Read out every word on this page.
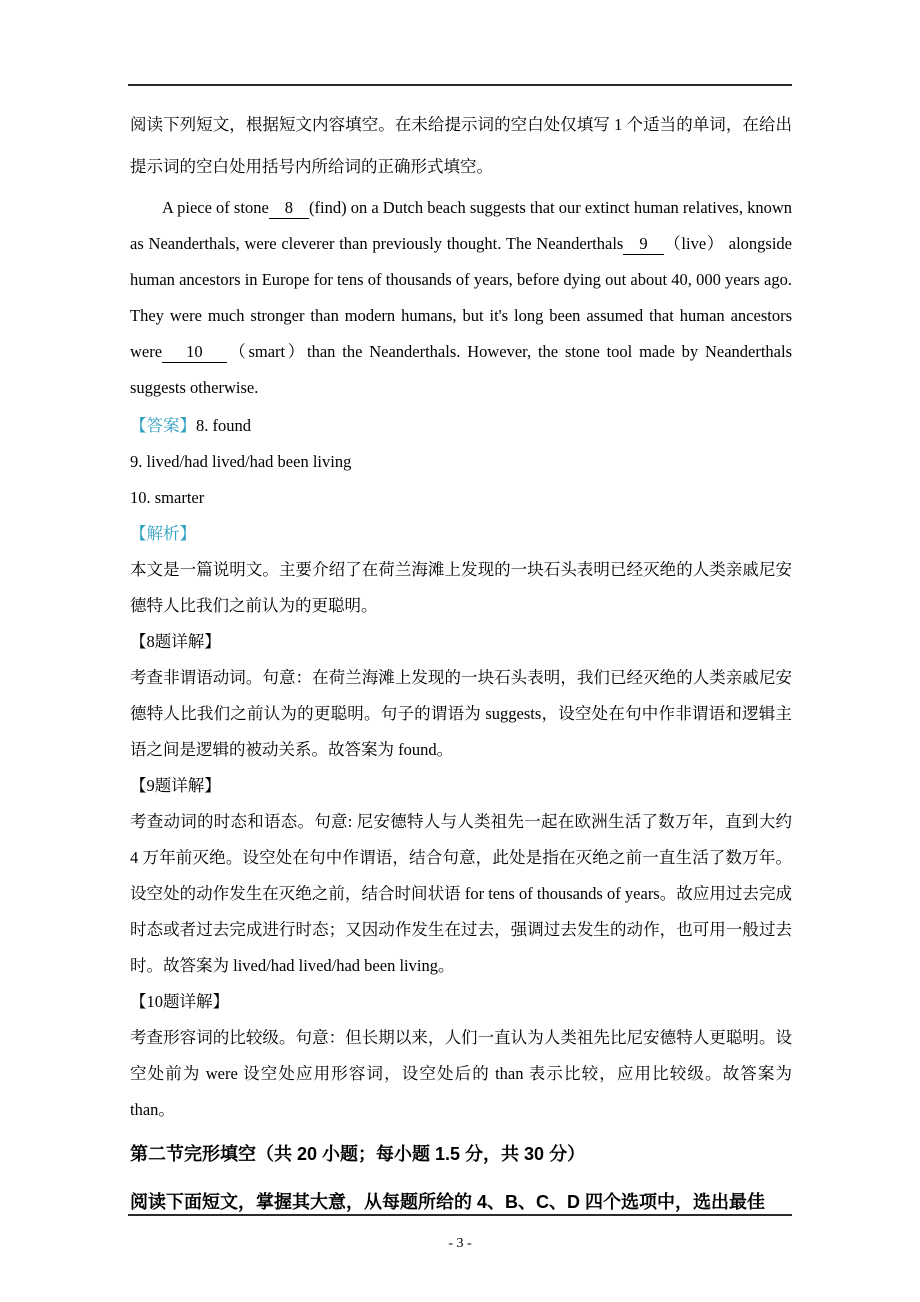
阅读下列短文，根据短文内容填空。在未给提示词的空白处仅填写 1 个适当的单词，在给出提示词的空白处用括号内所给词的正确形式填空。

A piece of stone 8 (find) on a Dutch beach suggests that our extinct human relatives, known as Neanderthals, were cleverer than previously thought. The Neanderthals 9 （live） alongside human ancestors in Europe for tens of thousands of years, before dying out about 40, 000 years ago. They were much stronger than modern humans, but it's long been assumed that human ancestors were 10 （smart）than the Neanderthals. However, the stone tool made by Neanderthals suggests otherwise.

【答案】8. found

9. lived/had lived/had been living

10. smarter

【解析】

本文是一篇说明文。主要介绍了在荷兰海滩上发现的一块石头表明已经灭绝的人类亲戚尼安德特人比我们之前认为的更聪明。

【8题详解】

考查非谓语动词。句意：在荷兰海滩上发现的一块石头表明，我们已经灭绝的人类亲戚尼安德特人比我们之前认为的更聪明。句子的谓语为 suggests，设空处在句中作非谓语和逻辑主语之间是逻辑的被动关系。故答案为 found。

【9题详解】

考查动词的时态和语态。句意: 尼安德特人与人类祖先一起在欧洲生活了数万年，直到大约 4 万年前灭绝。设空处在句中作谓语，结合句意，此处是指在灭绝之前一直生活了数万年。设空处的动作发生在灭绝之前，结合时间状语 for tens of thousands of years。故应用过去完成时态或者过去完成进行时态；又因动作发生在过去，强调过去发生的动作，也可用一般过去时。故答案为 lived/had lived/had been living。

【10题详解】

考查形容词的比较级。句意：但长期以来，人们一直认为人类祖先比尼安德特人更聪明。设空处前为 were 设空处应用形容词，设空处后的 than 表示比较，应用比较级。故答案为 than。

第二节完形填空（共 20 小题；每小题 1.5 分，共 30 分）

阅读下面短文，掌握其大意，从每题所给的 4、B、C、D 四个选项中，选出最佳

- 3 -
